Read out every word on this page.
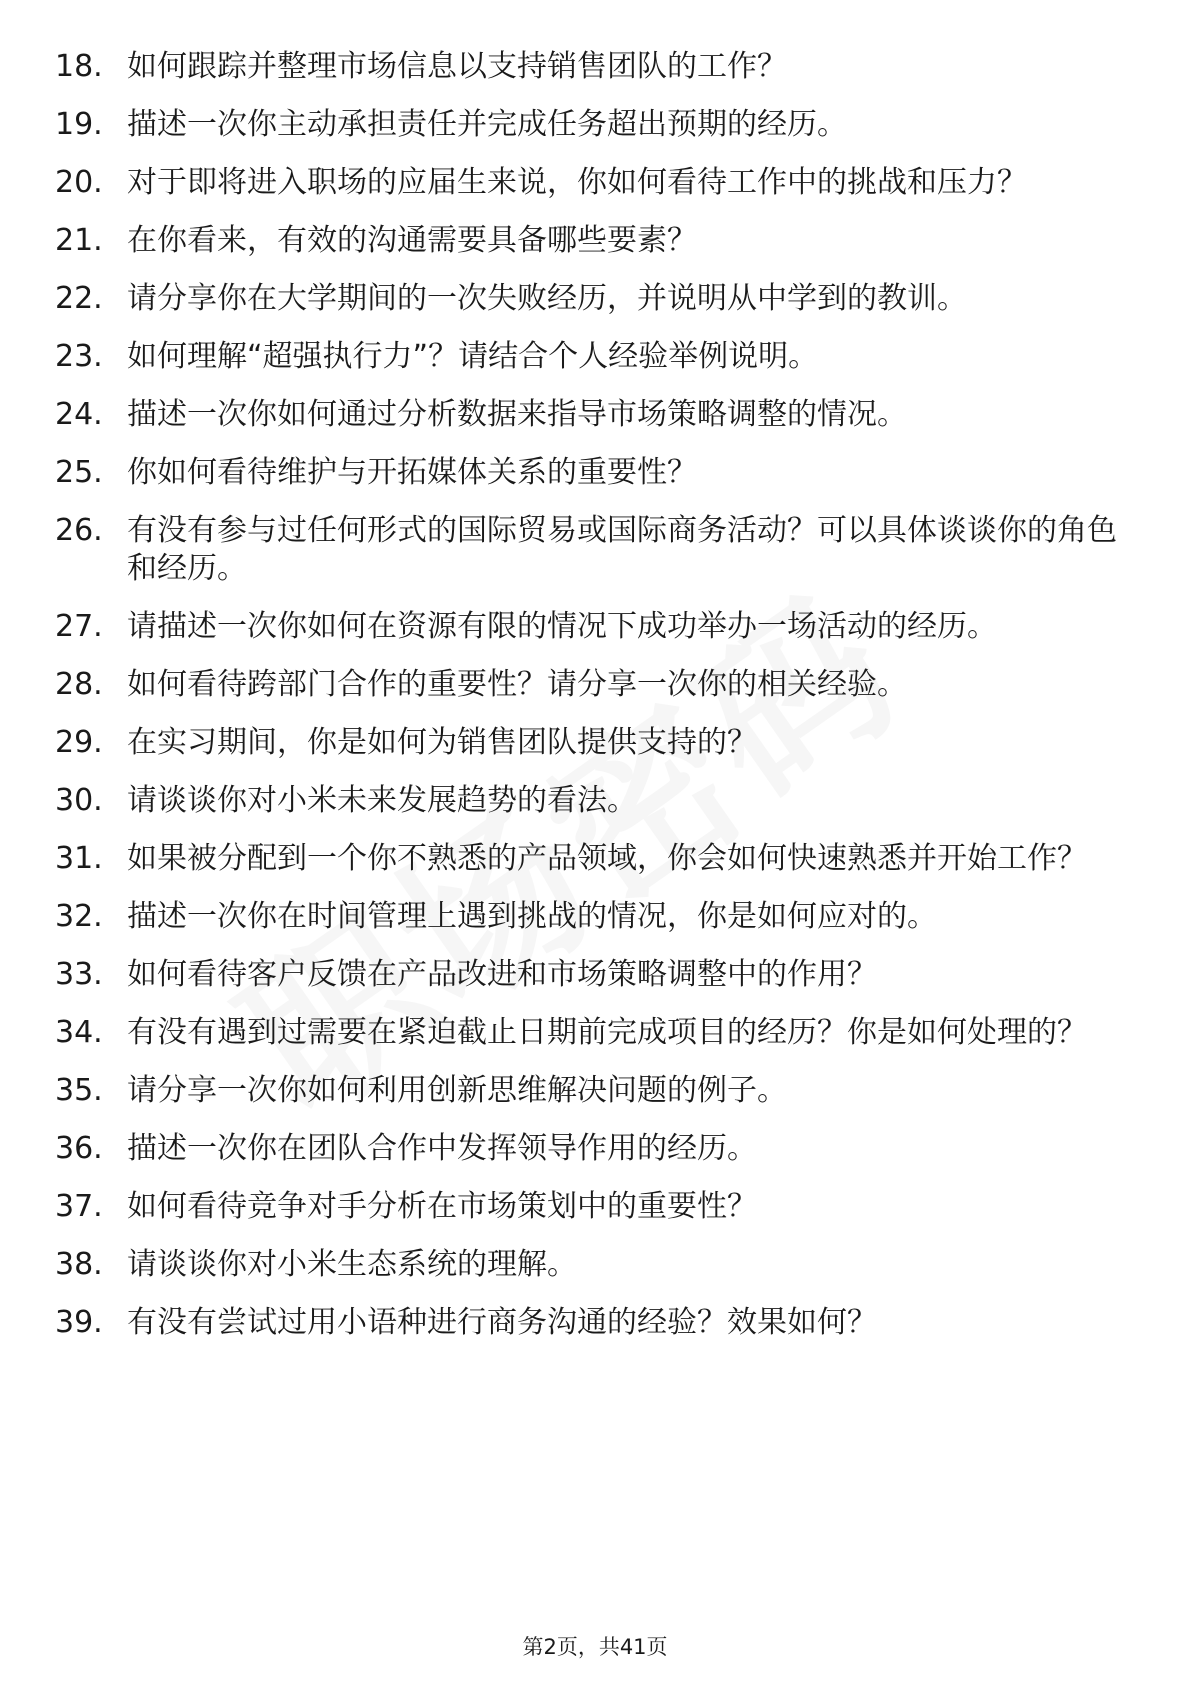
18. 如何跟踪并整理市场信息以支持销售团队的工作？
19. 描述一次你主动承担责任并完成任务超出预期的经历。
20. 对于即将进入职场的应届生来说，你如何看待工作中的挑战和压力？
21. 在你看来，有效的沟通需要具备哪些要素？
22. 请分享你在大学期间的一次失败经历，并说明从中学到的教训。
23. 如何理解“超强执行力”？请结合个人经验举例说明。
24. 描述一次你如何通过分析数据来指导市场策略调整的情况。
25. 你如何看待维护与开拓媒体关系的重要性？
26. 有没有参与过任何形式的国际贸易或国际商务活动？可以具体谈谈你的角色和经历。
27. 请描述一次你如何在资源有限的情况下成功举办一场活动的经历。
28. 如何看待跨部门合作的重要性？请分享一次你的相关经验。
29. 在实习期间，你是如何为销售团队提供支持的？
30. 请谈谈你对小米未来发展趋势的看法。
31. 如果被分配到一个你不熟悉的产品领域，你会如何快速熟悉并开始工作？
32. 描述一次你在时间管理上遇到挑战的情况，你是如何应对的。
33. 如何看待客户反馈在产品改进和市场策略调整中的作用？
34. 有没有遇到过需要在紧迫截止日期前完成项目的经历？你是如何处理的？
35. 请分享一次你如何利用创新思维解决问题的例子。
36. 描述一次你在团队合作中发挥领导作用的经历。
37. 如何看待竞争对手分析在市场策划中的重要性？
38. 请谈谈你对小米生态系统的理解。
39. 有没有尝试过用小语种进行商务沟通的经验？效果如何？
第2页，共41页
